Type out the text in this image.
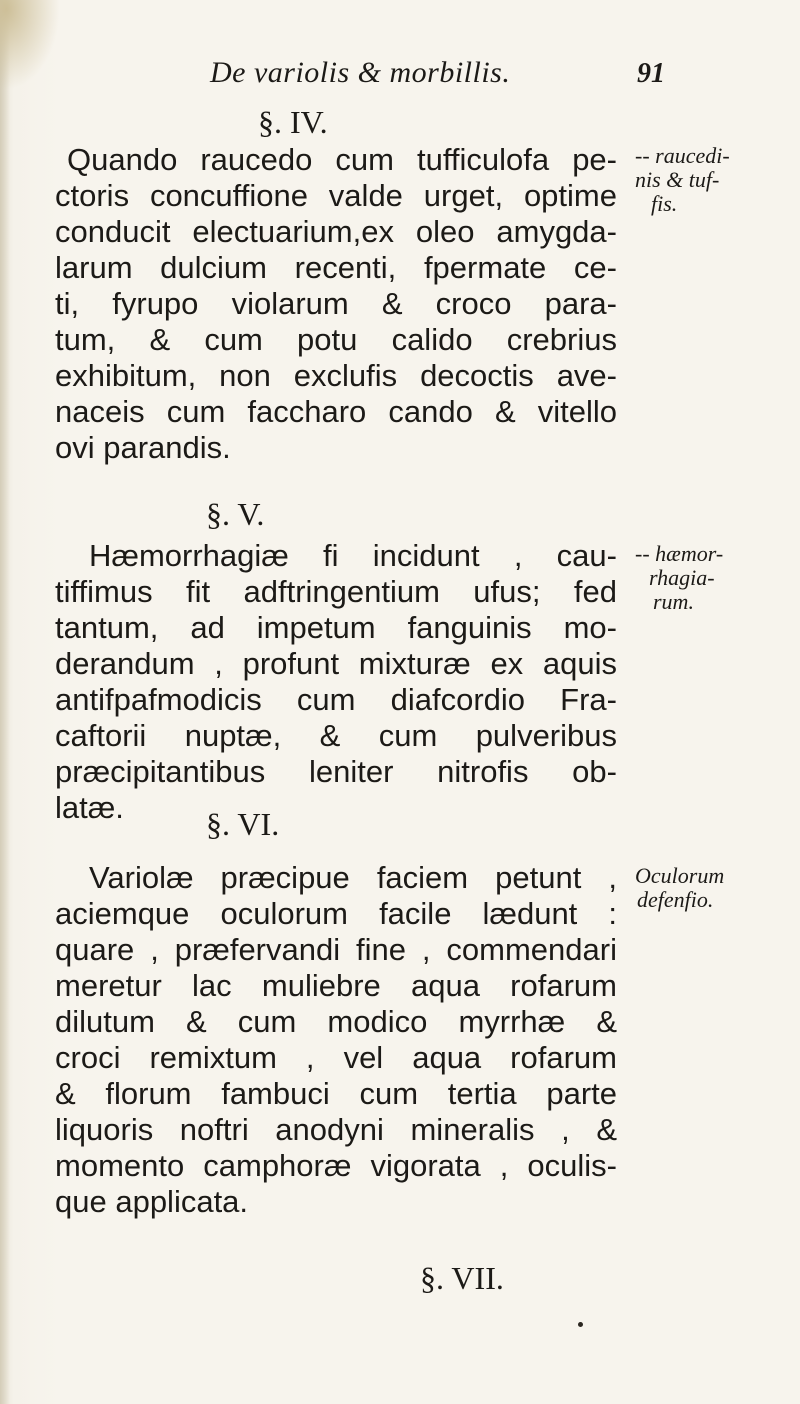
De variolis & morbillis.	91
§. IV.
Quando raucedo cum tufficulofa pe-
ctoris concuffione valde urget, optime
conducit electuarium,ex oleo amygda-
larum dulcium recenti, fpermate ce-
ti, fyrupo violarum & croco para-
tum, & cum potu calido crebrius
exhibitum, non exclufis decoctis ave-
naceis cum faccharo cando & vitello
ovi parandis.
-- raucedi-
nis & tuf-
fis.
§. V.
Hæmorrhagiæ fi incidunt , cau-
tiffimus fit adftringentium ufus; fed
tantum, ad impetum fanguinis mo-
derandum , profunt mixturæ ex aquis
antifpafmodicis cum diafcordio Fra-
caftorii nuptæ, & cum pulveribus
præcipitantibus leniter nitrofis ob-
latæ.
-- hæmor-
rhagia-
rum.
§. VI.
Variolæ præcipue faciem petunt ,
aciemque oculorum facile lædunt :
quare , præfervandi fine , commendari
meretur lac muliebre aqua rofarum
dilutum & cum modico myrrhæ &
croci remixtum , vel aqua rofarum
& florum fambuci cum tertia parte
liquoris noftri anodyni mineralis , &
momento camphoræ vigorata , oculis-
que applicata.
Oculorum
defenfio.
§. VII.
